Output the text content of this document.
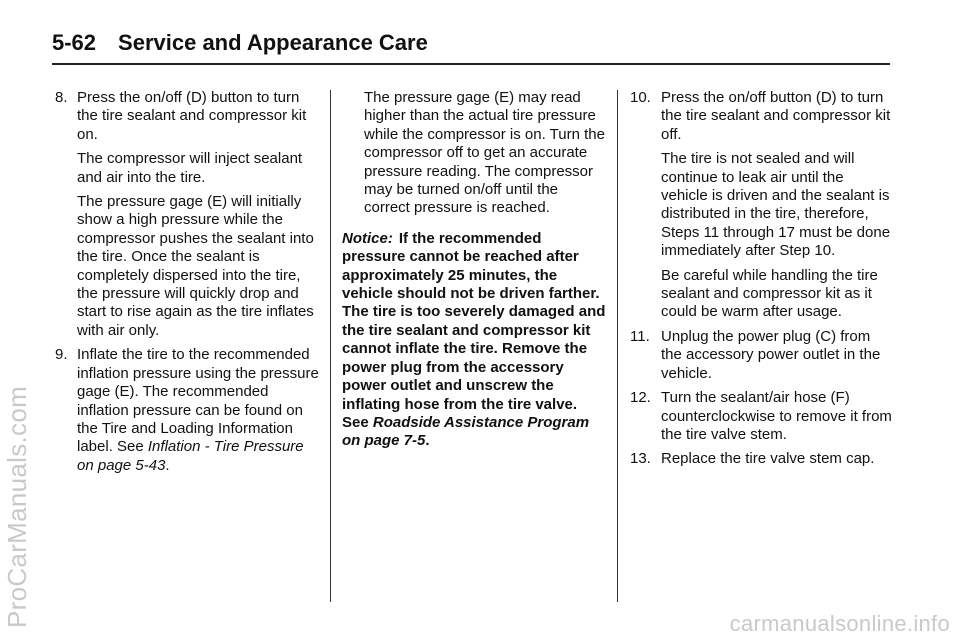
5-62 Service and Appearance Care
ProCarManuals.com
8. Press the on/off (D) button to turn the tire sealant and compressor kit on.

The compressor will inject sealant and air into the tire.

The pressure gage (E) will initially show a high pressure while the compressor pushes the sealant into the tire. Once the sealant is completely dispersed into the tire, the pressure will quickly drop and start to rise again as the tire inflates with air only.

9. Inflate the tire to the recommended inflation pressure using the pressure gage (E). The recommended inflation pressure can be found on the Tire and Loading Information label. See Inflation - Tire Pressure on page 5-43.

The pressure gage (E) may read higher than the actual tire pressure while the compressor is on. Turn the compressor off to get an accurate pressure reading. The compressor may be turned on/off until the correct pressure is reached.

Notice: If the recommended pressure cannot be reached after approximately 25 minutes, the vehicle should not be driven farther. The tire is too severely damaged and the tire sealant and compressor kit cannot inflate the tire. Remove the power plug from the accessory power outlet and unscrew the inflating hose from the tire valve. See Roadside Assistance Program on page 7-5.
10. Press the on/off button (D) to turn the tire sealant and compressor kit off.

The tire is not sealed and will continue to leak air until the vehicle is driven and the sealant is distributed in the tire, therefore, Steps 11 through 17 must be done immediately after Step 10.

Be careful while handling the tire sealant and compressor kit as it could be warm after usage.

11. Unplug the power plug (C) from the accessory power outlet in the vehicle.
12. Turn the sealant/air hose (F) counterclockwise to remove it from the tire valve stem.
13. Replace the tire valve stem cap.
carmanualsonline.info
